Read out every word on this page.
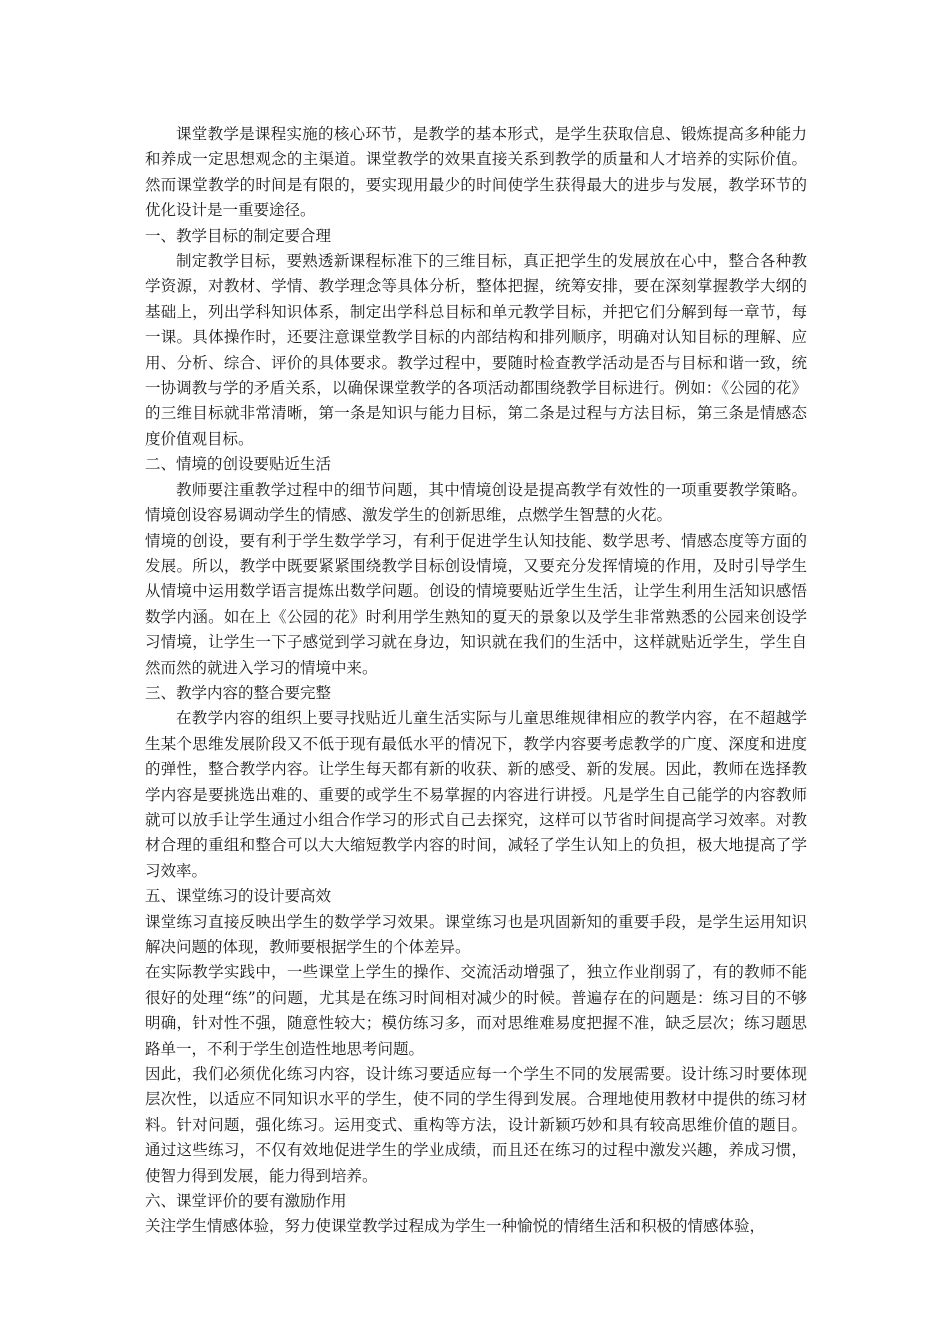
课堂教学是课程实施的核心环节，是教学的基本形式，是学生获取信息、锻炼提高多种能力和养成一定思想观念的主渠道。课堂教学的效果直接关系到教学的质量和人才培养的实际价值。然而课堂教学的时间是有限的，要实现用最少的时间使学生获得最大的进步与发展，教学环节的优化设计是一重要途径。

一、教学目标的制定要合理

制定教学目标，要熟透新课程标准下的三维目标，真正把学生的发展放在心中，整合各种教学资源，对教材、学情、教学理念等具体分析，整体把握，统筹安排，要在深刻掌握教学大纲的基础上，列出学科知识体系，制定出学科总目标和单元教学目标，并把它们分解到每一章节，每一课。具体操作时，还要注意课堂教学目标的内部结构和排列顺序，明确对认知目标的理解、应用、分析、综合、评价的具体要求。教学过程中，要随时检查教学活动是否与目标和谐一致，统一协调教与学的矛盾关系，以确保课堂教学的各项活动都围绕教学目标进行。例如：《公园的花》的三维目标就非常清晰，第一条是知识与能力目标，第二条是过程与方法目标，第三条是情感态度价值观目标。

二、情境的创设要贴近生活

教师要注重教学过程中的细节问题，其中情境创设是提高教学有效性的一项重要教学策略。情境创设容易调动学生的情感、激发学生的创新思维，点燃学生智慧的火花。

情境的创设，要有利于学生数学学习，有利于促进学生认知技能、数学思考、情感态度等方面的发展。所以，教学中既要紧紧围绕教学目标创设情境，又要充分发挥情境的作用，及时引导学生从情境中运用数学语言提炼出数学问题。创设的情境要贴近学生生活，让学生利用生活知识感悟数学内涵。如在上《公园的花》时利用学生熟知的夏天的景象以及学生非常熟悉的公园来创设学习情境，让学生一下子感觉到学习就在身边，知识就在我们的生活中，这样就贴近学生，学生自然而然的就进入学习的情境中来。

三、教学内容的整合要完整

在教学内容的组织上要寻找贴近儿童生活实际与儿童思维规律相应的教学内容，在不超越学生某个思维发展阶段又不低于现有最低水平的情况下，教学内容要考虑教学的广度、深度和进度的弹性，整合教学内容。让学生每天都有新的收获、新的感受、新的发展。因此，教师在选择教学内容是要挑选出难的、重要的或学生不易掌握的内容进行讲授。凡是学生自己能学的内容教师就可以放手让学生通过小组合作学习的形式自己去探究，这样可以节省时间提高学习效率。对教材合理的重组和整合可以大大缩短教学内容的时间，减轻了学生认知上的负担，极大地提高了学习效率。

五、课堂练习的设计要高效

课堂练习直接反映出学生的数学学习效果。课堂练习也是巩固新知的重要手段，是学生运用知识解决问题的体现，教师要根据学生的个体差异。

在实际教学实践中，一些课堂上学生的操作、交流活动增强了，独立作业削弱了，有的教师不能很好的处理“练”的问题，尤其是在练习时间相对减少的时候。普遍存在的问题是：练习目的不够明确，针对性不强，随意性较大；模仿练习多，而对思维难易度把握不准，缺乏层次；练习题思路单一，不利于学生创造性地思考问题。

因此，我们必须优化练习内容，设计练习要适应每一个学生不同的发展需要。设计练习时要体现层次性，以适应不同知识水平的学生，使不同的学生得到发展。合理地使用教材中提供的练习材料。针对问题，强化练习。运用变式、重构等方法，设计新颖巧妙和具有较高思维价值的题目。通过这些练习，不仅有效地促进学生的学业成绩，而且还在练习的过程中激发兴趣，养成习惯，使智力得到发展，能力得到培养。

六、课堂评价的要有激励作用

关注学生情感体验，努力使课堂教学过程成为学生一种愉悦的情绪生活和积极的情感体验，
